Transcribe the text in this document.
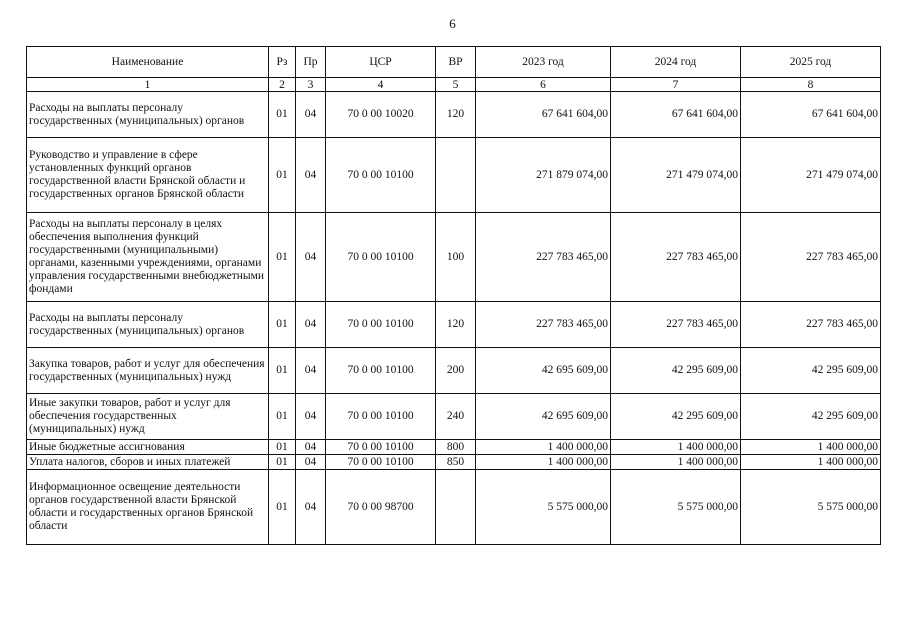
6
Наименование	Рз	Пр	ЦСР	ВР	2023 год	2024 год	2025 год
1	2	3	4	5	6	7	8
Расходы на выплаты персоналу государственных (муниципальных) органов	01	04	70 0 00 10020	120	67 641 604,00	67 641 604,00	67 641 604,00
Руководство и управление в сфере установленных функций органов государственной власти Брянской области и государственных органов Брянской области	01	04	70 0 00 10100		271 879 074,00	271 479 074,00	271 479 074,00
Расходы на выплаты персоналу в целях обеспечения выполнения функций государственными (муниципальными) органами, казенными учреждениями, органами управления государственными внебюджетными фондами	01	04	70 0 00 10100	100	227 783 465,00	227 783 465,00	227 783 465,00
Расходы на выплаты персоналу государственных (муниципальных) органов	01	04	70 0 00 10100	120	227 783 465,00	227 783 465,00	227 783 465,00
Закупка товаров, работ и услуг для обеспечения государственных (муниципальных) нужд	01	04	70 0 00 10100	200	42 695 609,00	42 295 609,00	42 295 609,00
Иные закупки товаров, работ и услуг для обеспечения государственных (муниципальных) нужд	01	04	70 0 00 10100	240	42 695 609,00	42 295 609,00	42 295 609,00
Иные бюджетные ассигнования	01	04	70 0 00 10100	800	1 400 000,00	1 400 000,00	1 400 000,00
Уплата налогов, сборов и иных платежей	01	04	70 0 00 10100	850	1 400 000,00	1 400 000,00	1 400 000,00
Информационное освещение деятельности органов государственной власти Брянской области и государственных органов Брянской области	01	04	70 0 00 98700		5 575 000,00	5 575 000,00	5 575 000,00
